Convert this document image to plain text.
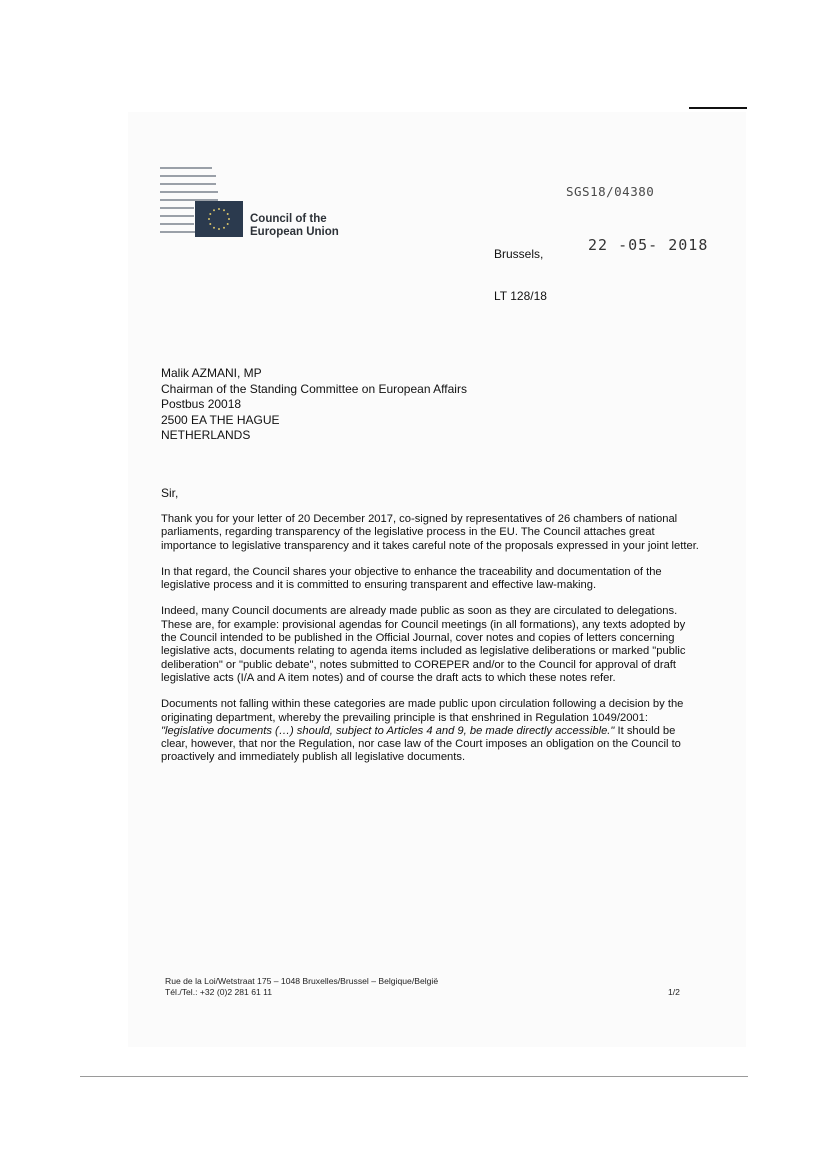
Council of the
European Union
SGS18/04380
Brussels,	22 -05- 2018
LT 128/18
Malik AZMANI, MP
Chairman of the Standing Committee on European Affairs
Postbus 20018
2500 EA THE HAGUE
NETHERLANDS
Sir,

Thank you for your letter of 20 December 2017, co-signed by representatives of 26 chambers of national parliaments, regarding transparency of the legislative process in the EU. The Council attaches great importance to legislative transparency and it takes careful note of the proposals expressed in your joint letter.

In that regard, the Council shares your objective to enhance the traceability and documentation of the legislative process and it is committed to ensuring transparent and effective law-making.

Indeed, many Council documents are already made public as soon as they are circulated to delegations. These are, for example: provisional agendas for Council meetings (in all formations), any texts adopted by the Council intended to be published in the Official Journal, cover notes and copies of letters concerning legislative acts, documents relating to agenda items included as legislative deliberations or marked "public deliberation" or "public debate", notes submitted to COREPER and/or to the Council for approval of draft legislative acts (I/A and A item notes) and of course the draft acts to which these notes refer.

Documents not falling within these categories are made public upon circulation following a decision by the originating department, whereby the prevailing principle is that enshrined in Regulation 1049/2001: "legislative documents (…) should, subject to Articles 4 and 9, be made directly accessible." It should be clear, however, that nor the Regulation, nor case law of the Court imposes an obligation on the Council to proactively and immediately publish all legislative documents.

Rue de la Loi/Wetstraat 175 – 1048 Bruxelles/Brussel – Belgique/België
Tél./Tel.: +32 (0)2 281 61 11	1/2
